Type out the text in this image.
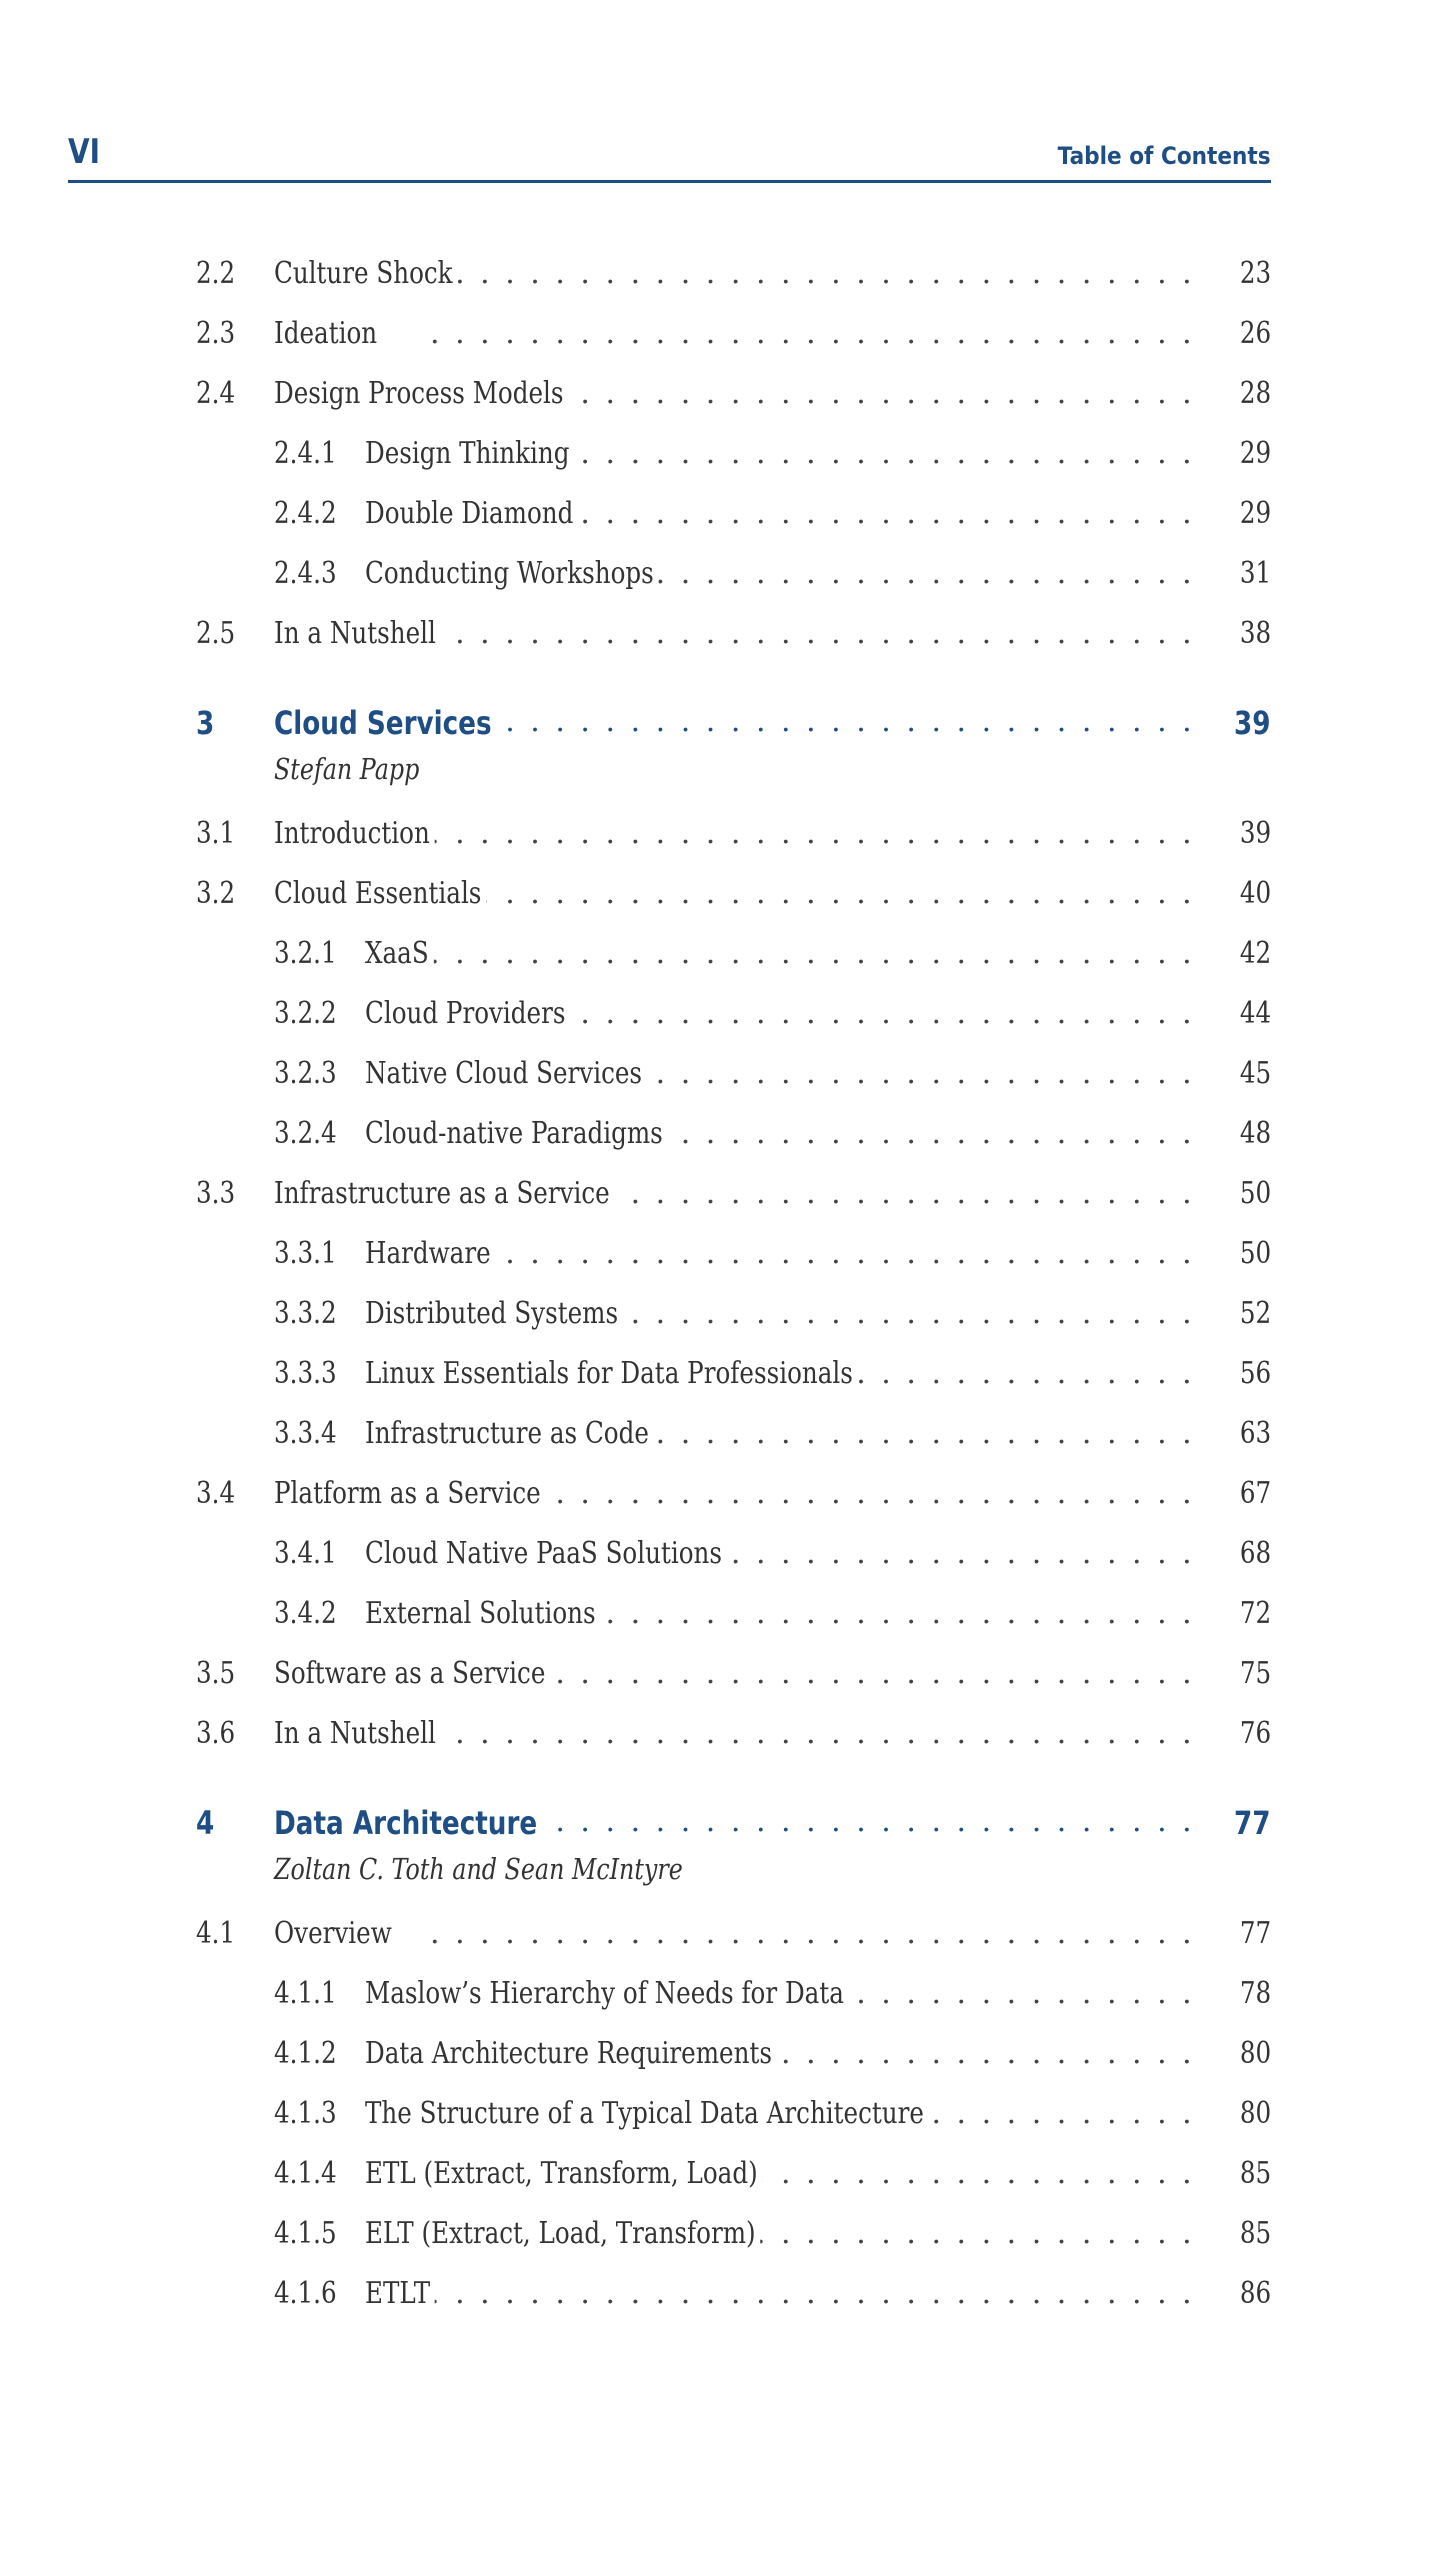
VI	Table of Contents
. . .
2.2 Culture Shock	23
. . .
2.3 Ideation	26
. . .
2.4 Design Process Models	28
. . .
2.4.1 Design Thinking	29
. . .
2.4.2 Double Diamond	29
. . .
2.4.3 Conducting Workshops	31
. . .
2.5 In a Nutshell	38
. . .
3 Cloud Services	39
Stefan Papp
. . .
3.1 Introduction	39
. . .
3.2 Cloud Essentials	40
. . .
3.2.1 XaaS	42
. . .
3.2.2 Cloud Providers	44
. . .
3.2.3 Native Cloud Services	45
. . .
3.2.4 Cloud-native Paradigms	48
. . .
3.3 Infrastructure as a Service	50
. . .
3.3.1 Hardware	50
. . .
3.3.2 Distributed Systems	52
. . .
3.3.3 Linux Essentials for Data Professionals	56
. . .
3.3.4 Infrastructure as Code	63
. . .
3.4 Platform as a Service	67
. . .
3.4.1 Cloud Native PaaS Solutions	68
. . .
3.4.2 External Solutions	72
. . .
3.5 Software as a Service	75
. . .
3.6 In a Nutshell	76
. . .
4 Data Architecture	77
Zoltan C. Toth and Sean McIntyre
. . .
4.1 Overview	77
. . .
4.1.1 Maslow’s Hierarchy of Needs for Data	78
. . .
4.1.2 Data Architecture Requirements	80
. . .
4.1.3 The Structure of a Typical Data Architecture	80
. . .
4.1.4 ETL (Extract, Transform, Load)	85
. . .
4.1.5 ELT (Extract, Load, Transform)	85
. . .
4.1.6 ETLT	86
